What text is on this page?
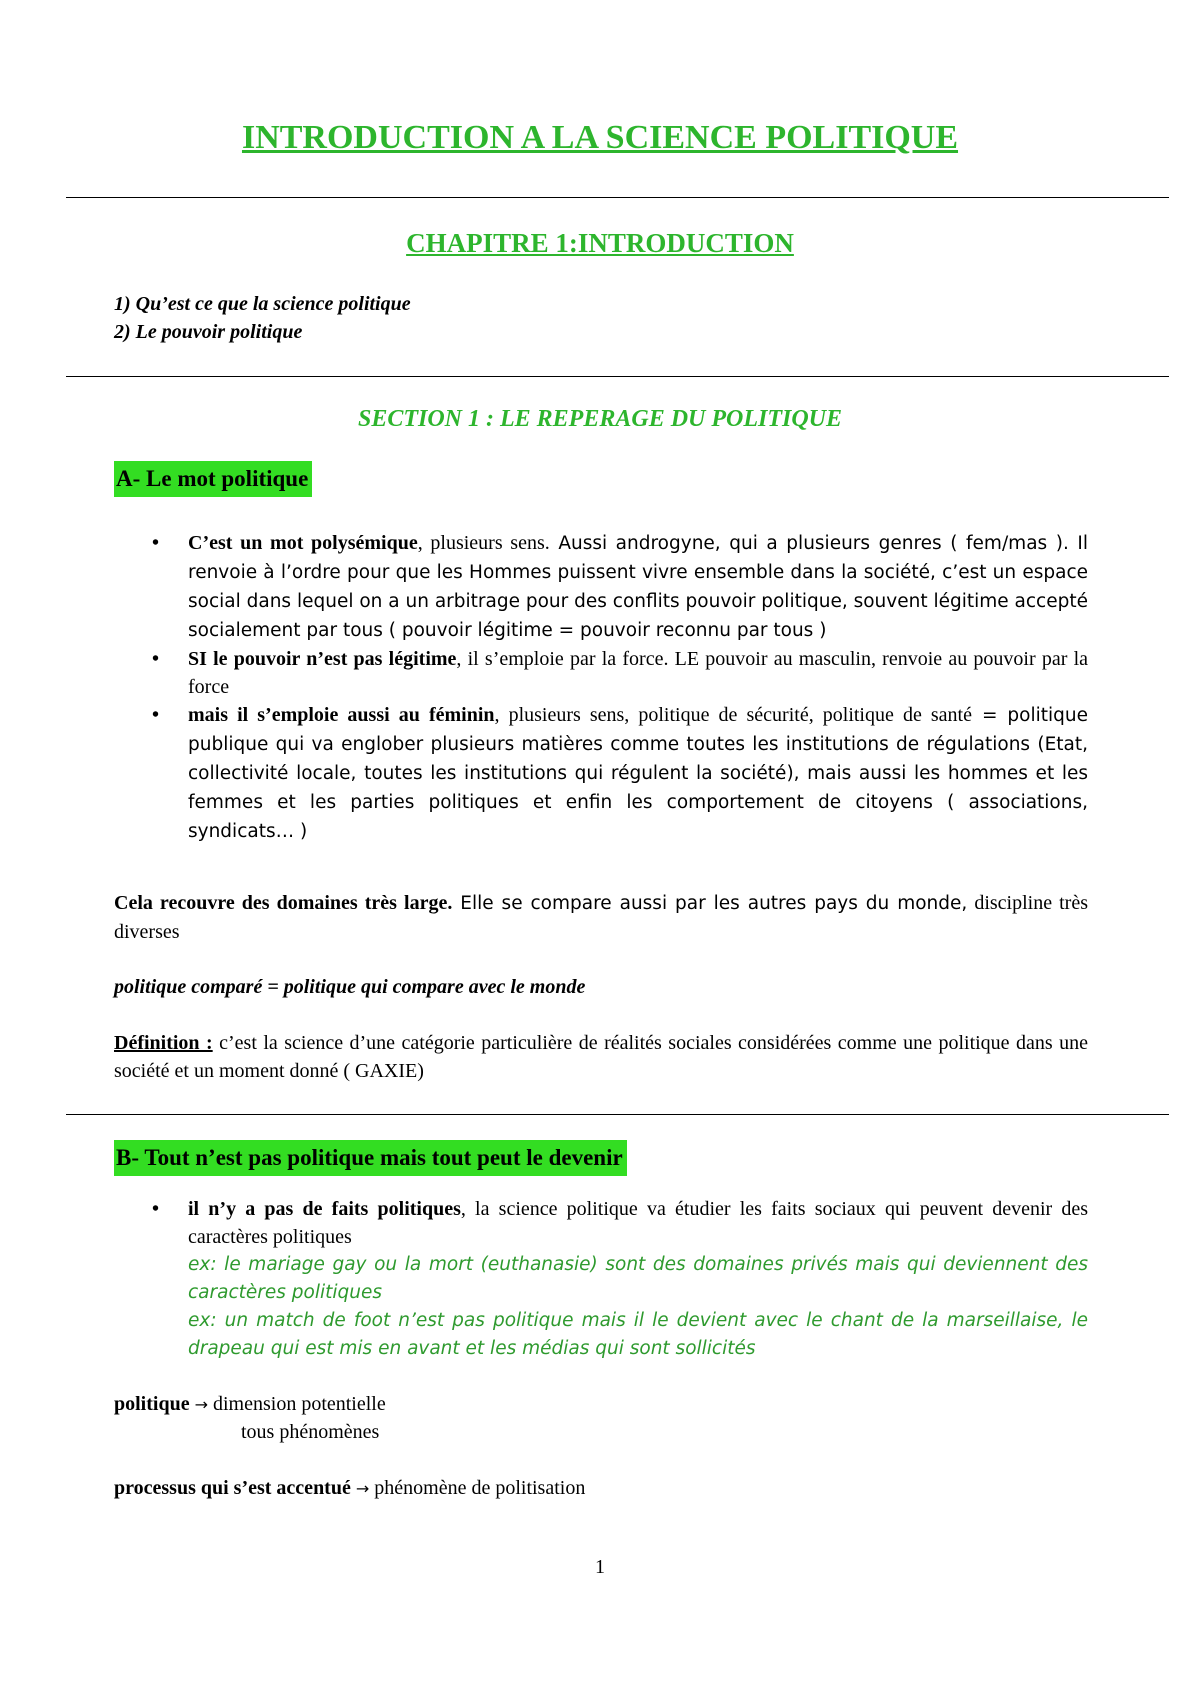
INTRODUCTION A LA SCIENCE POLITIQUE
CHAPITRE 1:INTRODUCTION
1) Qu’est ce que la science politique
2) Le pouvoir politique
SECTION 1 : LE REPERAGE DU POLITIQUE
A- Le mot politique
• C’est un mot polysémique, plusieurs sens. Aussi androgyne, qui a plusieurs genres ( fem/mas ). Il renvoie à l’ordre pour que les Hommes puissent vivre ensemble dans la société, c’est un espace social dans lequel on a un arbitrage pour des conflits pouvoir politique, souvent légitime accepté socialement par tous ( pouvoir légitime = pouvoir reconnu par tous )
• SI le pouvoir n’est pas légitime, il s’emploie par la force. LE pouvoir au masculin, renvoie au pouvoir par la force
• mais il s’emploie aussi au féminin, plusieurs sens, politique de sécurité, politique de santé = politique publique qui va englober plusieurs matières comme toutes les institutions de régulations (Etat, collectivité locale, toutes les institutions qui régulent la société), mais aussi les hommes et les femmes et les parties politiques et enfin les comportement de citoyens ( associations, syndicats… )
Cela recouvre des domaines très large. Elle se compare aussi par les autres pays du monde, discipline très diverses
politique comparé = politique qui compare avec le monde
Définition : c’est la science d’une catégorie particulière de réalités sociales considérées comme une politique dans une société et un moment donné ( GAXIE)
B- Tout n’est pas politique mais tout peut le devenir
• il n’y a pas de faits politiques, la science politique va étudier les faits sociaux qui peuvent devenir des caractères politiques
ex: le mariage gay ou la mort (euthanasie) sont des domaines privés mais qui deviennent des caractères politiques
ex: un match de foot n’est pas politique mais il le devient avec le chant de la marseillaise, le drapeau qui est mis en avant et les médias qui sont sollicités
politique → dimension potentielle
tous phénomènes
processus qui s’est accentué → phénomène de politisation
1
